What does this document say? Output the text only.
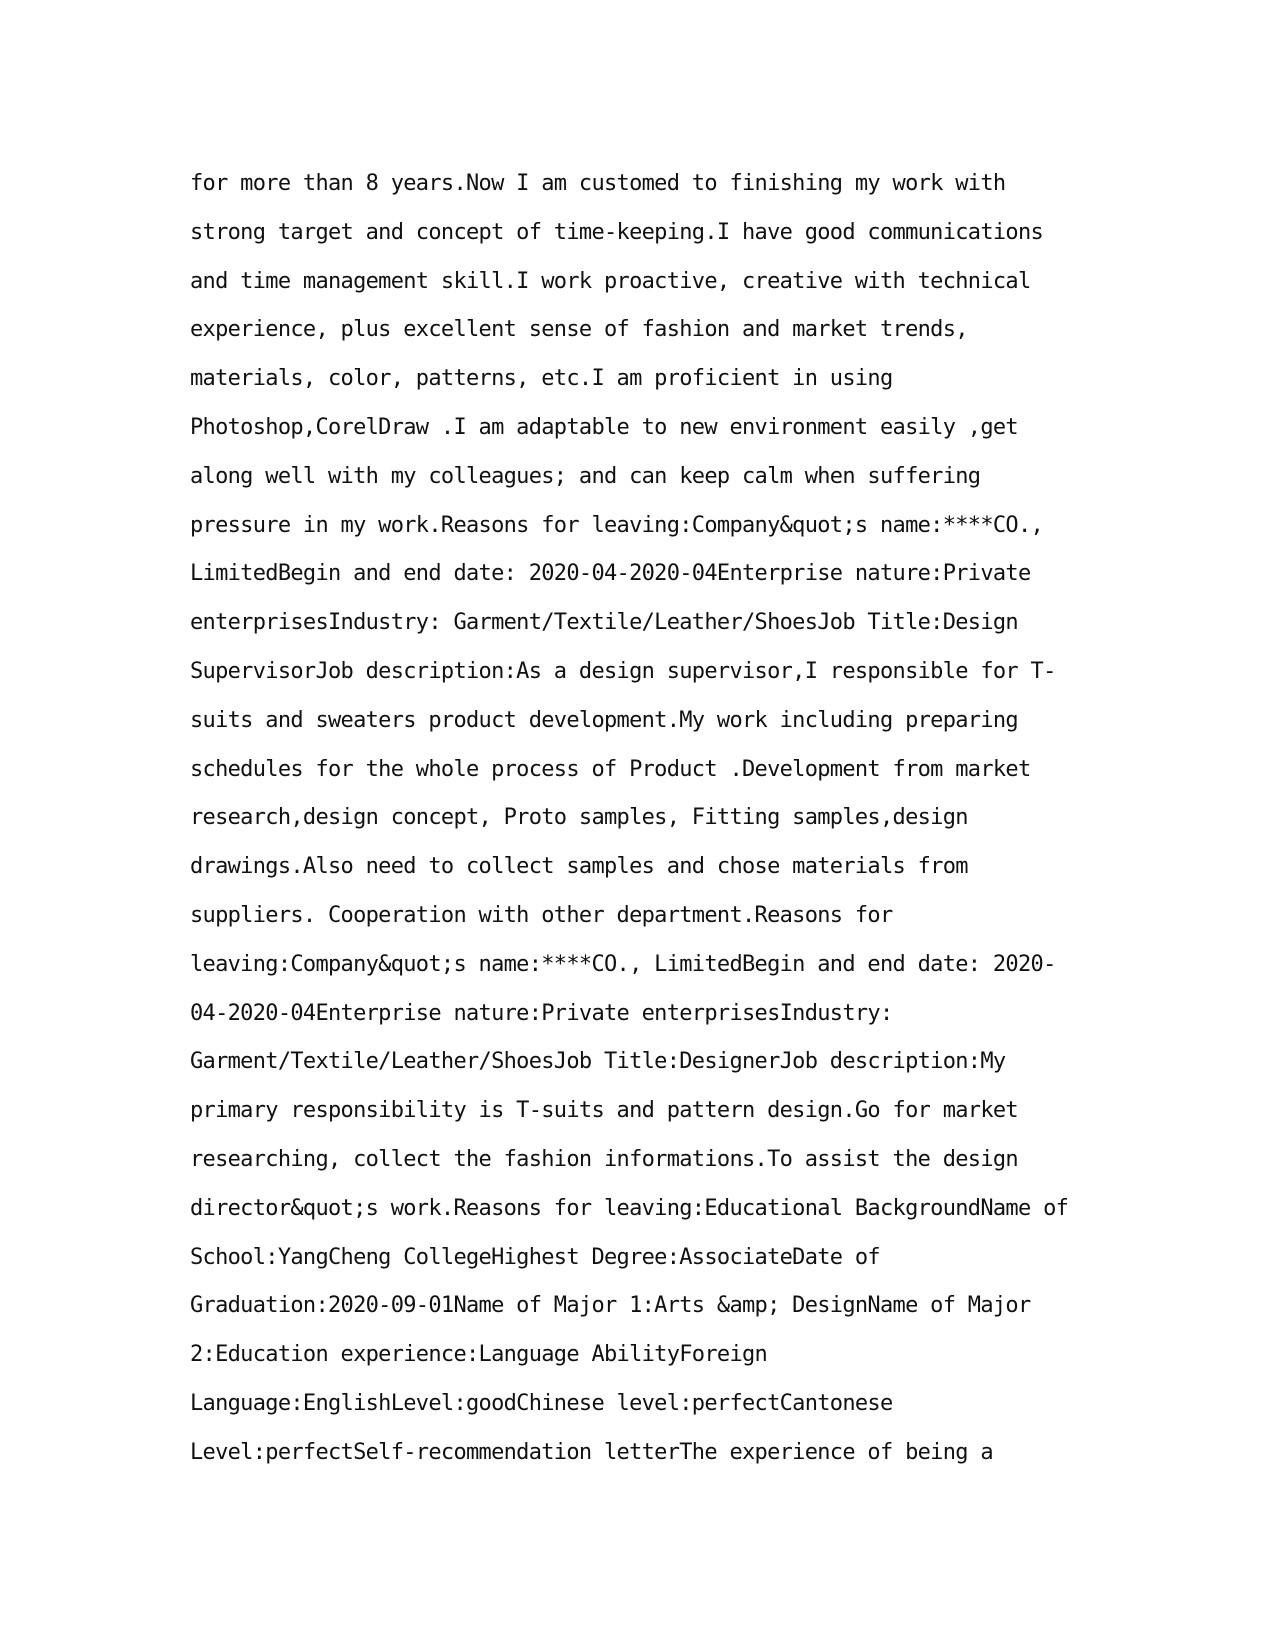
for more than 8 years.Now I am customed to finishing my work with
strong target and concept of time-keeping.I have good communications
and time management skill.I work proactive, creative with technical
experience, plus excellent sense of fashion and market trends,
materials, color, patterns, etc.I am proficient in using
Photoshop,CorelDraw .I am adaptable to new environment easily ,get
along well with my colleagues; and can keep calm when suffering
pressure in my work.Reasons for leaving:Company&quot;s name:****CO.,
LimitedBegin and end date: 2020-04-2020-04Enterprise nature:Private
enterprisesIndustry: Garment/Textile/Leather/ShoesJob Title:Design
SupervisorJob description:As a design supervisor,I responsible for T-
suits and sweaters product development.My work including preparing
schedules for the whole process of Product .Development from market
research,design concept, Proto samples, Fitting samples,design
drawings.Also need to collect samples and chose materials from
suppliers. Cooperation with other department.Reasons for
leaving:Company&quot;s name:****CO., LimitedBegin and end date: 2020-
04-2020-04Enterprise nature:Private enterprisesIndustry:
Garment/Textile/Leather/ShoesJob Title:DesignerJob description:My
primary responsibility is T-suits and pattern design.Go for market
researching, collect the fashion informations.To assist the design
director&quot;s work.Reasons for leaving:Educational BackgroundName of
School:YangCheng CollegeHighest Degree:AssociateDate of
Graduation:2020-09-01Name of Major 1:Arts &amp; DesignName of Major
2:Education experience:Language AbilityForeign
Language:EnglishLevel:goodChinese level:perfectCantonese
Level:perfectSelf-recommendation letterThe experience of being a
